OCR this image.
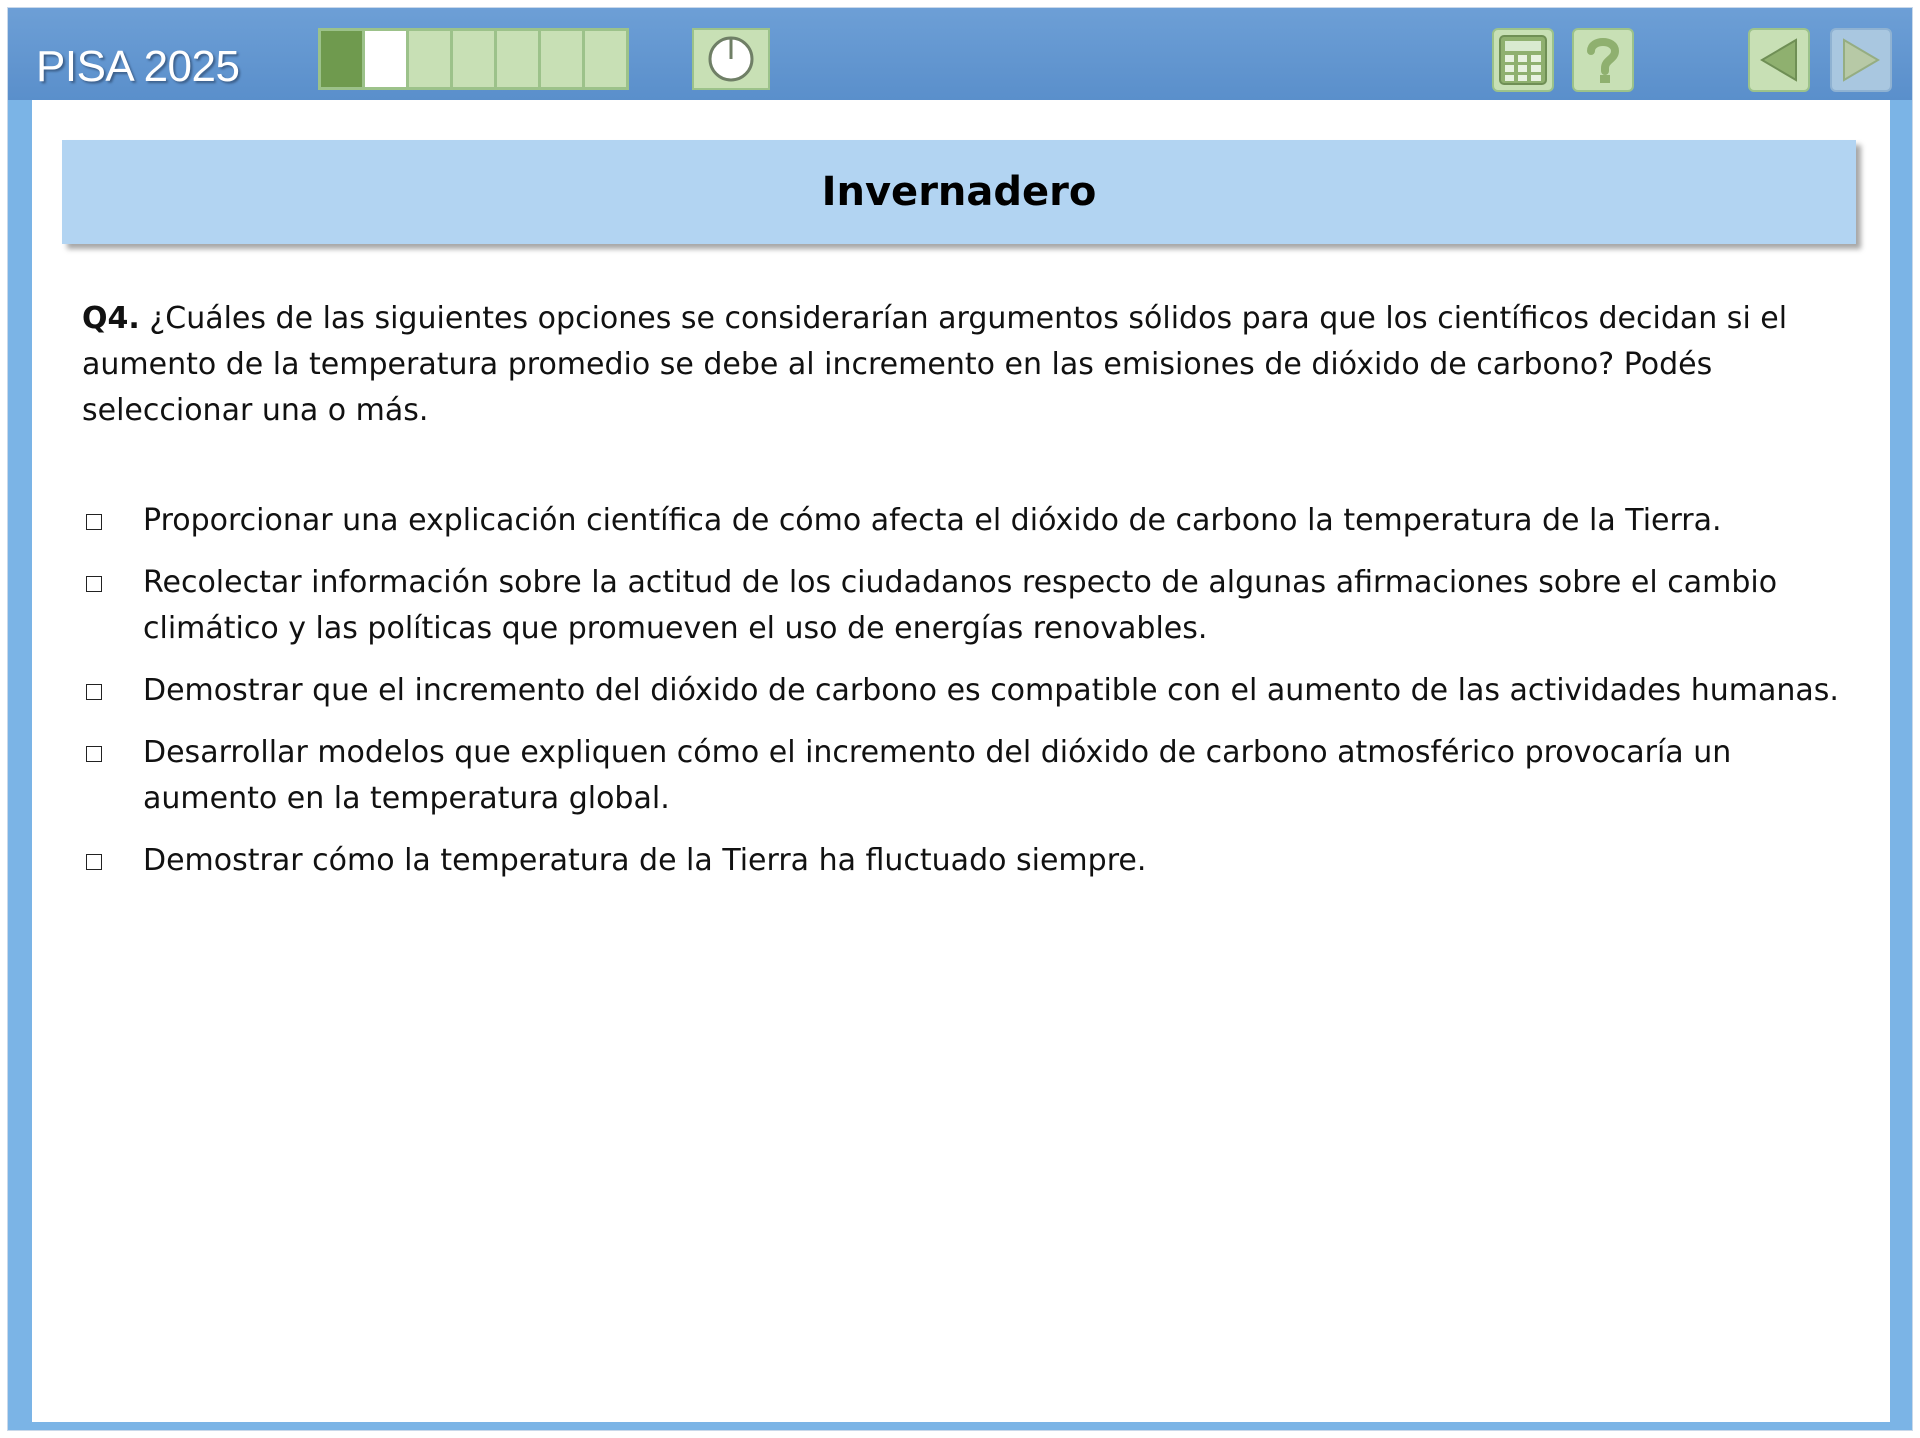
PISA 2025
Invernadero
Q4. ¿Cuáles de las siguientes opciones se considerarían argumentos sólidos para que los científicos decidan si el aumento de la temperatura promedio se debe al incremento en las emisiones de dióxido de carbono? Podés seleccionar una o más.
Proporcionar una explicación científica de cómo afecta el dióxido de carbono la temperatura de la Tierra.
Recolectar información sobre la actitud de los ciudadanos respecto de algunas afirmaciones sobre el cambio climático y las políticas que promueven el uso de energías renovables.
Demostrar que el incremento del dióxido de carbono es compatible con el aumento de las actividades humanas.
Desarrollar modelos que expliquen cómo el incremento del dióxido de carbono atmosférico provocaría un aumento en la temperatura global.
Demostrar cómo la temperatura de la Tierra ha fluctuado siempre.
